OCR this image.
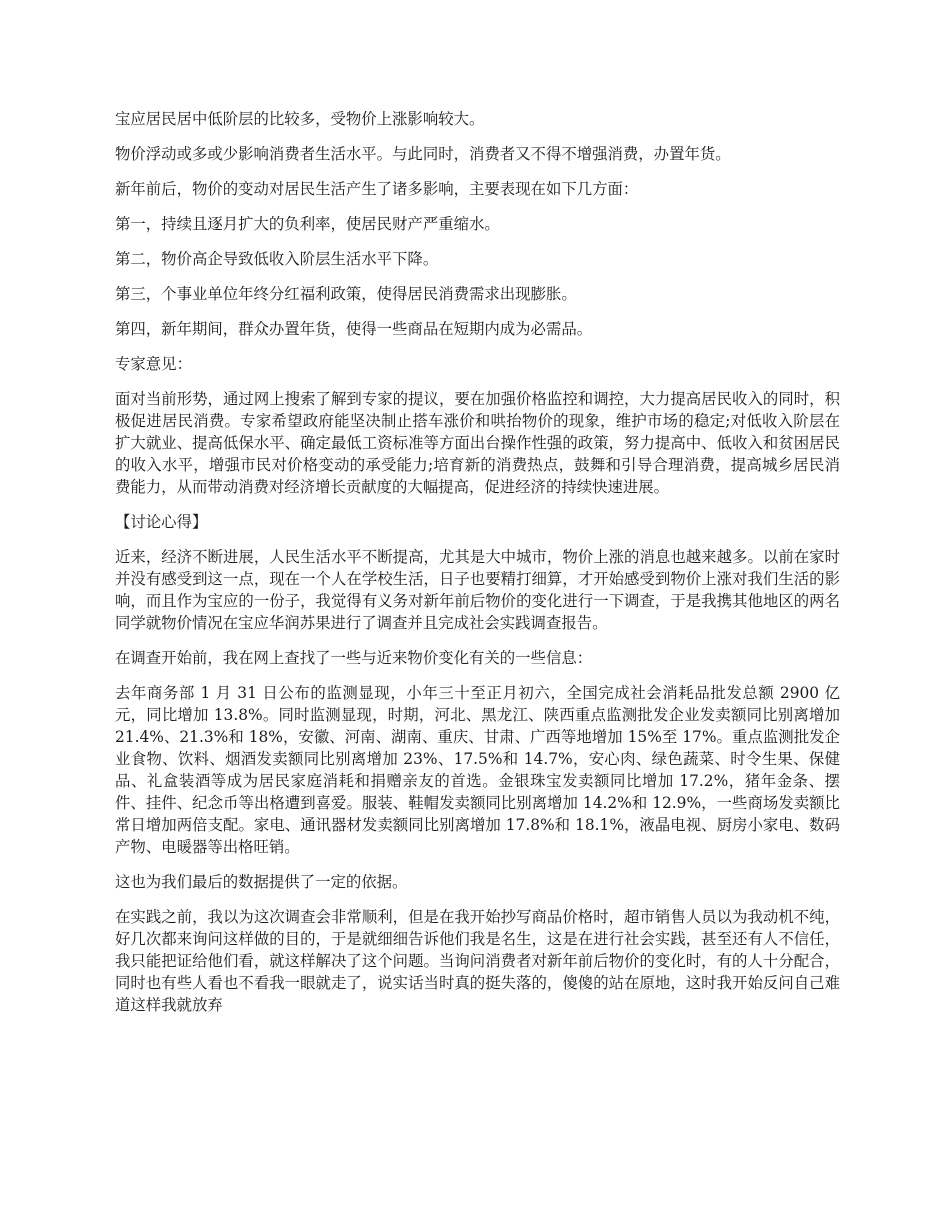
宝应居民居中低阶层的比较多，受物价上涨影响较大。

物价浮动或多或少影响消费者生活水平。与此同时，消费者又不得不增强消费，办置年货。

新年前后，物价的变动对居民生活产生了诸多影响，主要表现在如下几方面：

第一，持续且逐月扩大的负利率，使居民财产严重缩水。

第二，物价高企导致低收入阶层生活水平下降。

第三，个事业单位年终分红福利政策，使得居民消费需求出现膨胀。

第四，新年期间，群众办置年货，使得一些商品在短期内成为必需品。

专家意见：

面对当前形势，通过网上搜索了解到专家的提议，要在加强价格监控和调控，大力提高居民收入的同时，积极促进居民消费。专家希望政府能坚决制止搭车涨价和哄抬物价的现象，维护市场的稳定;对低收入阶层在扩大就业、提高低保水平、确定最低工资标准等方面出台操作性强的政策，努力提高中、低收入和贫困居民的收入水平，增强市民对价格变动的承受能力;培育新的消费热点，鼓舞和引导合理消费，提高城乡居民消费能力，从而带动消费对经济增长贡献度的大幅提高，促进经济的持续快速进展。

【讨论心得】

近来，经济不断进展，人民生活水平不断提高，尤其是大中城市，物价上涨的消息也越来越多。以前在家时并没有感受到这一点，现在一个人在学校生活，日子也要精打细算，才开始感受到物价上涨对我们生活的影响，而且作为宝应的一份子，我觉得有义务对新年前后物价的变化进行一下调查，于是我携其他地区的两名同学就物价情况在宝应华润苏果进行了调查并且完成社会实践调查报告。

在调查开始前，我在网上查找了一些与近来物价变化有关的一些信息：

去年商务部 1 月 31 日公布的监测显现，小年三十至正月初六，全国完成社会消耗品批发总额 2900 亿元，同比增加 13.8%。同时监测显现，时期，河北、黑龙江、陕西重点监测批发企业发卖额同比别离增加 21.4%、21.3%和 18%，安徽、河南、湖南、重庆、甘肃、广西等地增加 15%至 17%。重点监测批发企业食物、饮料、烟酒发卖额同比别离增加 23%、17.5%和 14.7%，安心肉、绿色蔬菜、时令生果、保健品、礼盒装酒等成为居民家庭消耗和捐赠亲友的首选。金银珠宝发卖额同比增加 17.2%，猪年金条、摆件、挂件、纪念币等出格遭到喜爱。服装、鞋帽发卖额同比别离增加 14.2%和 12.9%，一些商场发卖额比常日增加两倍支配。家电、通讯器材发卖额同比别离增加 17.8%和 18.1%，液晶电视、厨房小家电、数码产物、电暖器等出格旺销。

这也为我们最后的数据提供了一定的依据。

在实践之前，我以为这次调查会非常顺利，但是在我开始抄写商品价格时，超市销售人员以为我动机不纯，好几次都来询问这样做的目的，于是就细细告诉他们我是名生，这是在进行社会实践，甚至还有人不信任，我只能把证给他们看，就这样解决了这个问题。当询问消费者对新年前后物价的变化时，有的人十分配合，同时也有些人看也不看我一眼就走了，说实话当时真的挺失落的，傻傻的站在原地，这时我开始反问自己难道这样我就放弃
